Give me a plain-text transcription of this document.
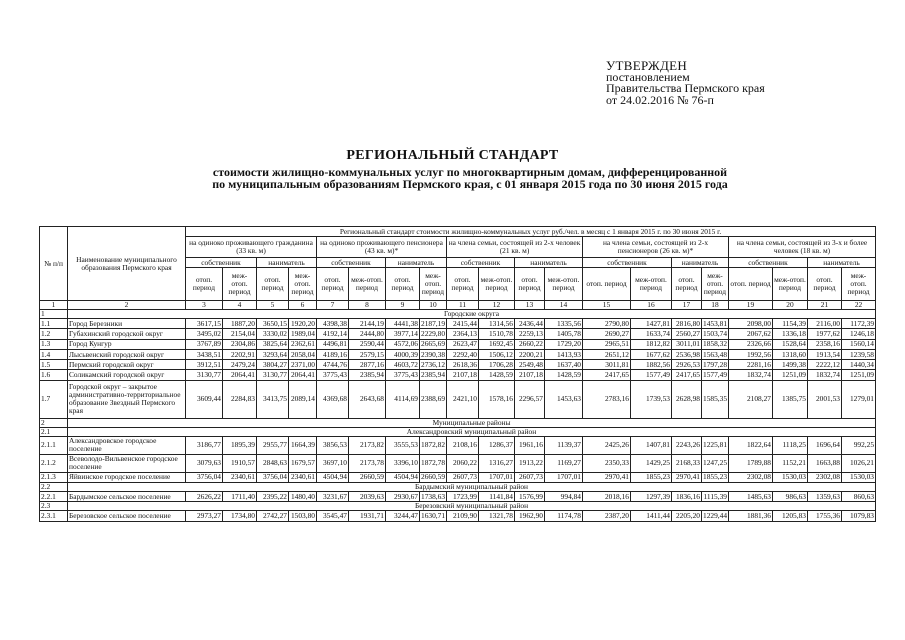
УТВЕРЖДЕН
постановлением
Правительства Пермского края
от 24.02.2016 № 76-п
РЕГИОНАЛЬНЫЙ СТАНДАРТ
стоимости жилищно-коммунальных услуг по многоквартирным домам, дифференцированной
по муниципальным образованиям Пермского края, с 01 января 2015 года по 30 июня 2015 года
№ п/п	Наименование муниципального образования Пермского края	Региональный стандарт стоимости жилищно-коммунальных услуг руб./чел. в месяц с 1 января 2015 г. по 30 июня 2015 г.																			
		на одиноко проживающего гражданина (33 кв. м)				на одиноко проживающего пенсионера (43 кв. м)*				на члена семьи, состоящей из 2-х человек (21 кв. м)				на члена семьи, состоящей из 2-х пенсионеров (26 кв. м)*				на члена семьи, состоящей из 3-х и более человек (18 кв. м)			
		собственник		наниматель		собственник		наниматель		собственник		наниматель		собственник		наниматель		собственник		наниматель	
		отоп. период	меж-отоп. период	отоп. период	меж-отоп. период	отоп. период	меж-отоп. период	отоп. период	меж-отоп. период	отоп. период	меж-отоп. период	отоп. период	меж-отоп. период	отоп. период	меж-отоп. период	отоп. период	меж-отоп. период	отоп. период	меж-отоп. период	отоп. период	меж-отоп. период
1	2	3	4	5	6	7	8	9	10	11	12	13	14	15	16	17	18	19	20	21	22
1	Городские округа																				
1.1	Город Березники	3617,15	1887,20	3650,15	1920,20	4398,38	2144,19	4441,38	2187,19	2415,44	1314,56	2436,44	1335,56	2790,80	1427,81	2816,80	1453,81	2098,00	1154,39	2116,00	1172,39
1.2	Губахинский городской округ	3495,02	2154,04	3330,02	1989,04	4192,14	2444,80	3977,14	2229,80	2364,13	1510,78	2259,13	1405,78	2690,27	1633,74	2560,27	1503,74	2067,62	1336,18	1977,62	1246,18
1.3	Город Кунгур	3767,89	2304,86	3825,64	2362,61	4496,81	2590,44	4572,06	2665,69	2623,47	1692,45	2660,22	1729,20	2965,51	1812,82	3011,01	1858,32	2326,66	1528,64	2358,16	1560,14
1.4	Лысьвенский городской округ	3438,51	2202,91	3293,64	2058,04	4189,16	2579,15	4000,39	2390,38	2292,40	1506,12	2200,21	1413,93	2651,12	1677,62	2536,98	1563,48	1992,56	1318,60	1913,54	1239,58
1.5	Пермский городской округ	3912,51	2479,24	3804,27	2371,00	4744,76	2877,16	4603,72	2736,12	2618,36	1706,28	2549,48	1637,40	3011,81	1882,56	2926,53	1797,28	2281,16	1499,38	2222,12	1440,34
1.6	Соликамский городской округ	3130,77	2064,41	3130,77	2064,41	3775,43	2385,94	3775,43	2385,94	2107,18	1428,59	2107,18	1428,59	2417,65	1577,49	2417,65	1577,49	1832,74	1251,09	1832,74	1251,09
1.7	Городской округ – закрытое административно-территориальное образование Звездный Пермского края	3609,44	2284,83	3413,75	2089,14	4369,68	2643,68	4114,69	2388,69	2421,10	1578,16	2296,57	1453,63	2783,16	1739,53	2628,98	1585,35	2108,27	1385,75	2001,53	1279,01
2	Муниципальные районы																				
2.1	Александровский муниципальный район																				
2.1.1	Александровское городское поселение	3186,77	1895,39	2955,77	1664,39	3856,53	2173,82	3555,53	1872,82	2108,16	1286,37	1961,16	1139,37	2425,26	1407,81	2243,26	1225,81	1822,64	1118,25	1696,64	992,25
2.1.2	Всеволодо-Вильвенское городское поселение	3079,63	1910,57	2848,63	1679,57	3697,10	2173,78	3396,10	1872,78	2060,22	1316,27	1913,22	1169,27	2350,33	1429,25	2168,33	1247,25	1789,88	1152,21	1663,88	1026,21
2.1.3	Яйвинское городское поселение	3756,04	2340,61	3756,04	2340,61	4504,94	2660,59	4504,94	2660,59	2607,73	1707,01	2607,73	1707,01	2970,41	1855,23	2970,41	1855,23	2302,08	1530,03	2302,08	1530,03
2.2	Бардымский муниципальный район																				
2.2.1	Бардымское сельское поселение	2626,22	1711,40	2395,22	1480,40	3231,67	2039,63	2930,67	1738,63	1723,99	1141,84	1576,99	994,84	2018,16	1297,39	1836,16	1115,39	1485,63	986,63	1359,63	860,63
2.3	Березовский муниципальный район																				
2.3.1	Березовское сельское поселение	2973,27	1734,80	2742,27	1503,80	3545,47	1931,71	3244,47	1630,71	2109,90	1321,78	1962,90	1174,78	2387,20	1411,44	2205,20	1229,44	1881,36	1205,83	1755,36	1079,83
